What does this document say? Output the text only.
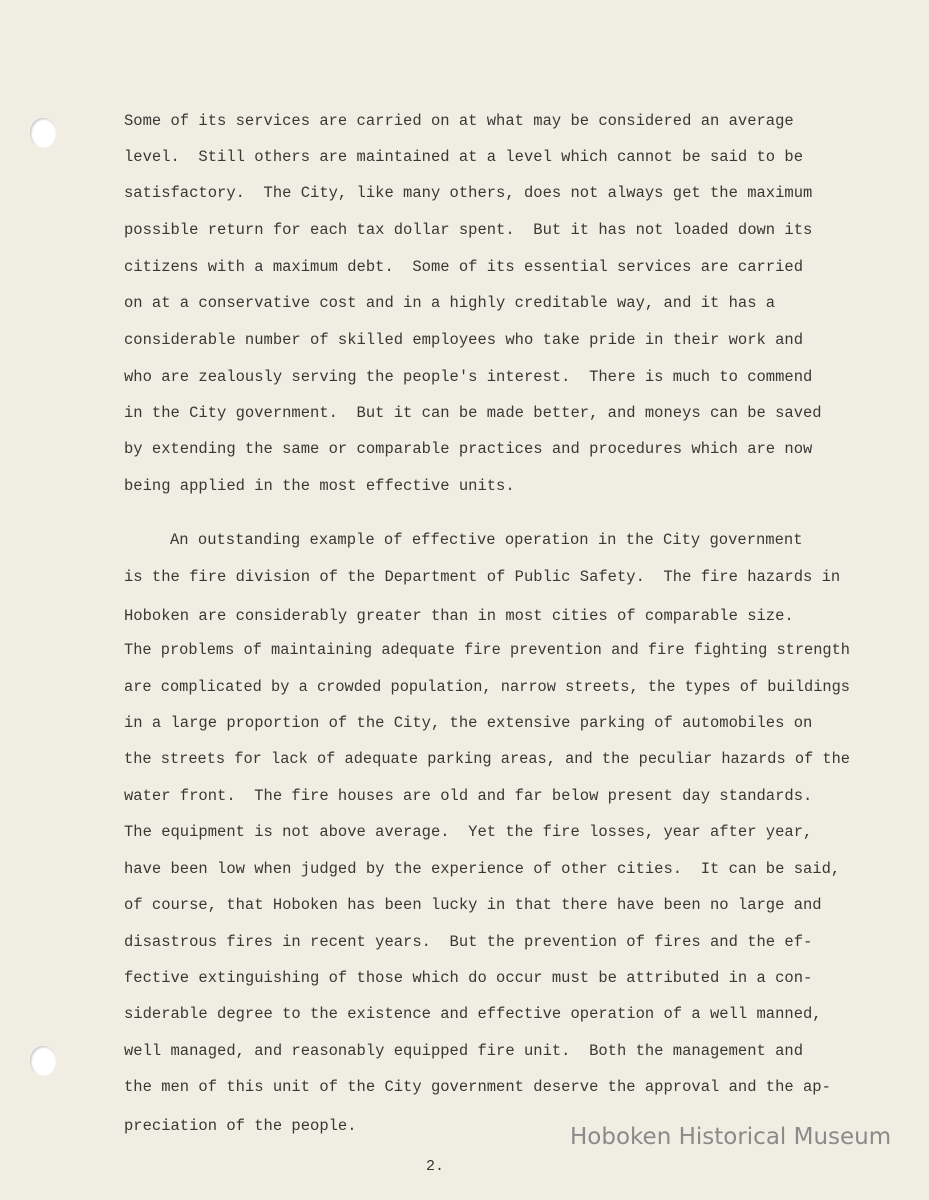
Some of its services are carried on at what may be considered an average

level.  Still others are maintained at a level which cannot be said to be

satisfactory.  The City, like many others, does not always get the maximum

possible return for each tax dollar spent.  But it has not loaded down its

citizens with a maximum debt.  Some of its essential services are carried

on at a conservative cost and in a highly creditable way, and it has a

considerable number of skilled employees who take pride in their work and

who are zealously serving the people's interest.  There is much to commend

in the City government.  But it can be made better, and moneys can be saved

by extending the same or comparable practices and procedures which are now

being applied in the most effective units.

An outstanding example of effective operation in the City government

is the fire division of the Department of Public Safety.  The fire hazards in

Hoboken are considerably greater than in most cities of comparable size.

The problems of maintaining adequate fire prevention and fire fighting strength

are complicated by a crowded population, narrow streets, the types of buildings

in a large proportion of the City, the extensive parking of automobiles on

the streets for lack of adequate parking areas, and the peculiar hazards of the

water front.  The fire houses are old and far below present day standards.

The equipment is not above average.  Yet the fire losses, year after year,

have been low when judged by the experience of other cities.  It can be said,

of course, that Hoboken has been lucky in that there have been no large and

disastrous fires in recent years.  But the prevention of fires and the ef-

fective extinguishing of those which do occur must be attributed in a con-

siderable degree to the existence and effective operation of a well manned,

well managed, and reasonably equipped fire unit.  Both the management and

the men of this unit of the City government deserve the approval and the ap-

preciation of the people.

2.
Hoboken Historical Museum
